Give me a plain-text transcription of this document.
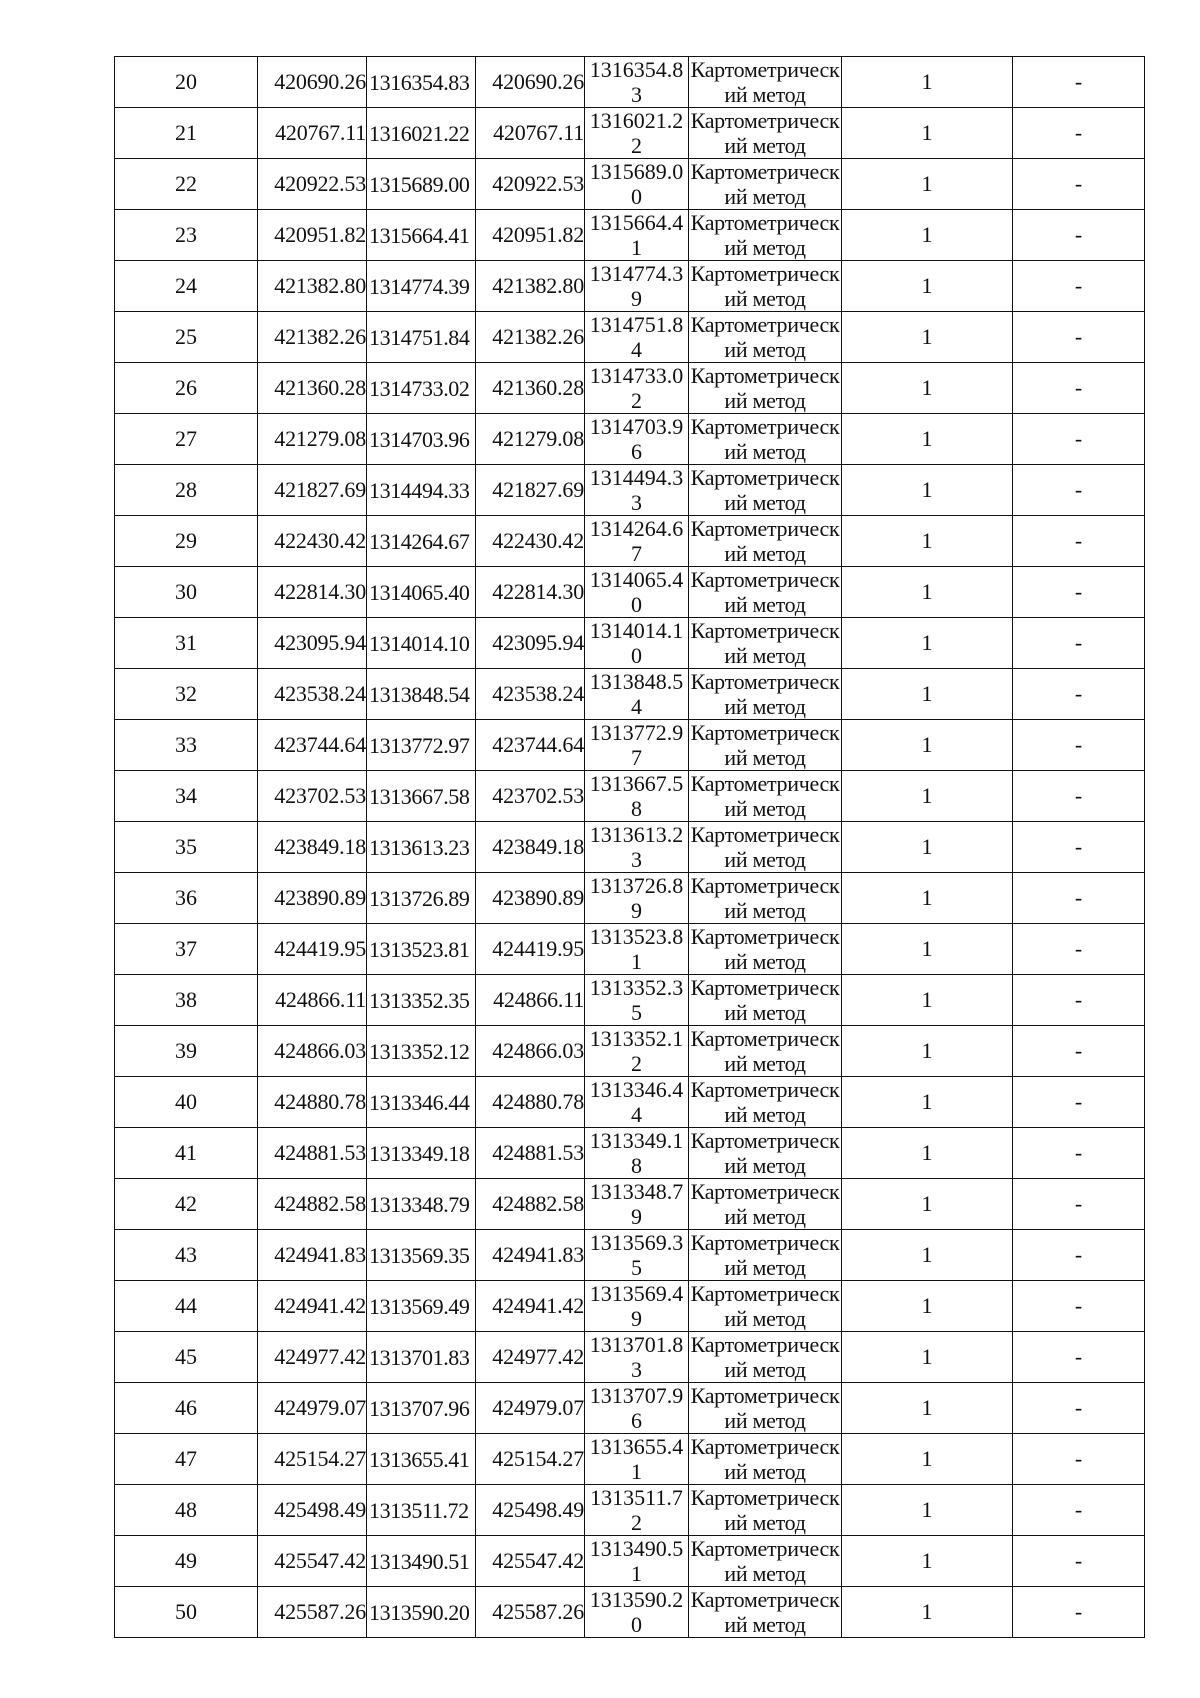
20	420690.26	1316354.83	420690.26	1316354.83	Картометрический метод	1	-
21	420767.11	1316021.22	420767.11	1316021.22	Картометрический метод	1	-
22	420922.53	1315689.00	420922.53	1315689.00	Картометрический метод	1	-
23	420951.82	1315664.41	420951.82	1315664.41	Картометрический метод	1	-
24	421382.80	1314774.39	421382.80	1314774.39	Картометрический метод	1	-
25	421382.26	1314751.84	421382.26	1314751.84	Картометрический метод	1	-
26	421360.28	1314733.02	421360.28	1314733.02	Картометрический метод	1	-
27	421279.08	1314703.96	421279.08	1314703.96	Картометрический метод	1	-
28	421827.69	1314494.33	421827.69	1314494.33	Картометрический метод	1	-
29	422430.42	1314264.67	422430.42	1314264.67	Картометрический метод	1	-
30	422814.30	1314065.40	422814.30	1314065.40	Картометрический метод	1	-
31	423095.94	1314014.10	423095.94	1314014.10	Картометрический метод	1	-
32	423538.24	1313848.54	423538.24	1313848.54	Картометрический метод	1	-
33	423744.64	1313772.97	423744.64	1313772.97	Картометрический метод	1	-
34	423702.53	1313667.58	423702.53	1313667.58	Картометрический метод	1	-
35	423849.18	1313613.23	423849.18	1313613.23	Картометрический метод	1	-
36	423890.89	1313726.89	423890.89	1313726.89	Картометрический метод	1	-
37	424419.95	1313523.81	424419.95	1313523.81	Картометрический метод	1	-
38	424866.11	1313352.35	424866.11	1313352.35	Картометрический метод	1	-
39	424866.03	1313352.12	424866.03	1313352.12	Картометрический метод	1	-
40	424880.78	1313346.44	424880.78	1313346.44	Картометрический метод	1	-
41	424881.53	1313349.18	424881.53	1313349.18	Картометрический метод	1	-
42	424882.58	1313348.79	424882.58	1313348.79	Картометрический метод	1	-
43	424941.83	1313569.35	424941.83	1313569.35	Картометрический метод	1	-
44	424941.42	1313569.49	424941.42	1313569.49	Картометрический метод	1	-
45	424977.42	1313701.83	424977.42	1313701.83	Картометрический метод	1	-
46	424979.07	1313707.96	424979.07	1313707.96	Картометрический метод	1	-
47	425154.27	1313655.41	425154.27	1313655.41	Картометрический метод	1	-
48	425498.49	1313511.72	425498.49	1313511.72	Картометрический метод	1	-
49	425547.42	1313490.51	425547.42	1313490.51	Картометрический метод	1	-
50	425587.26	1313590.20	425587.26	1313590.20	Картометрический метод	1	-
